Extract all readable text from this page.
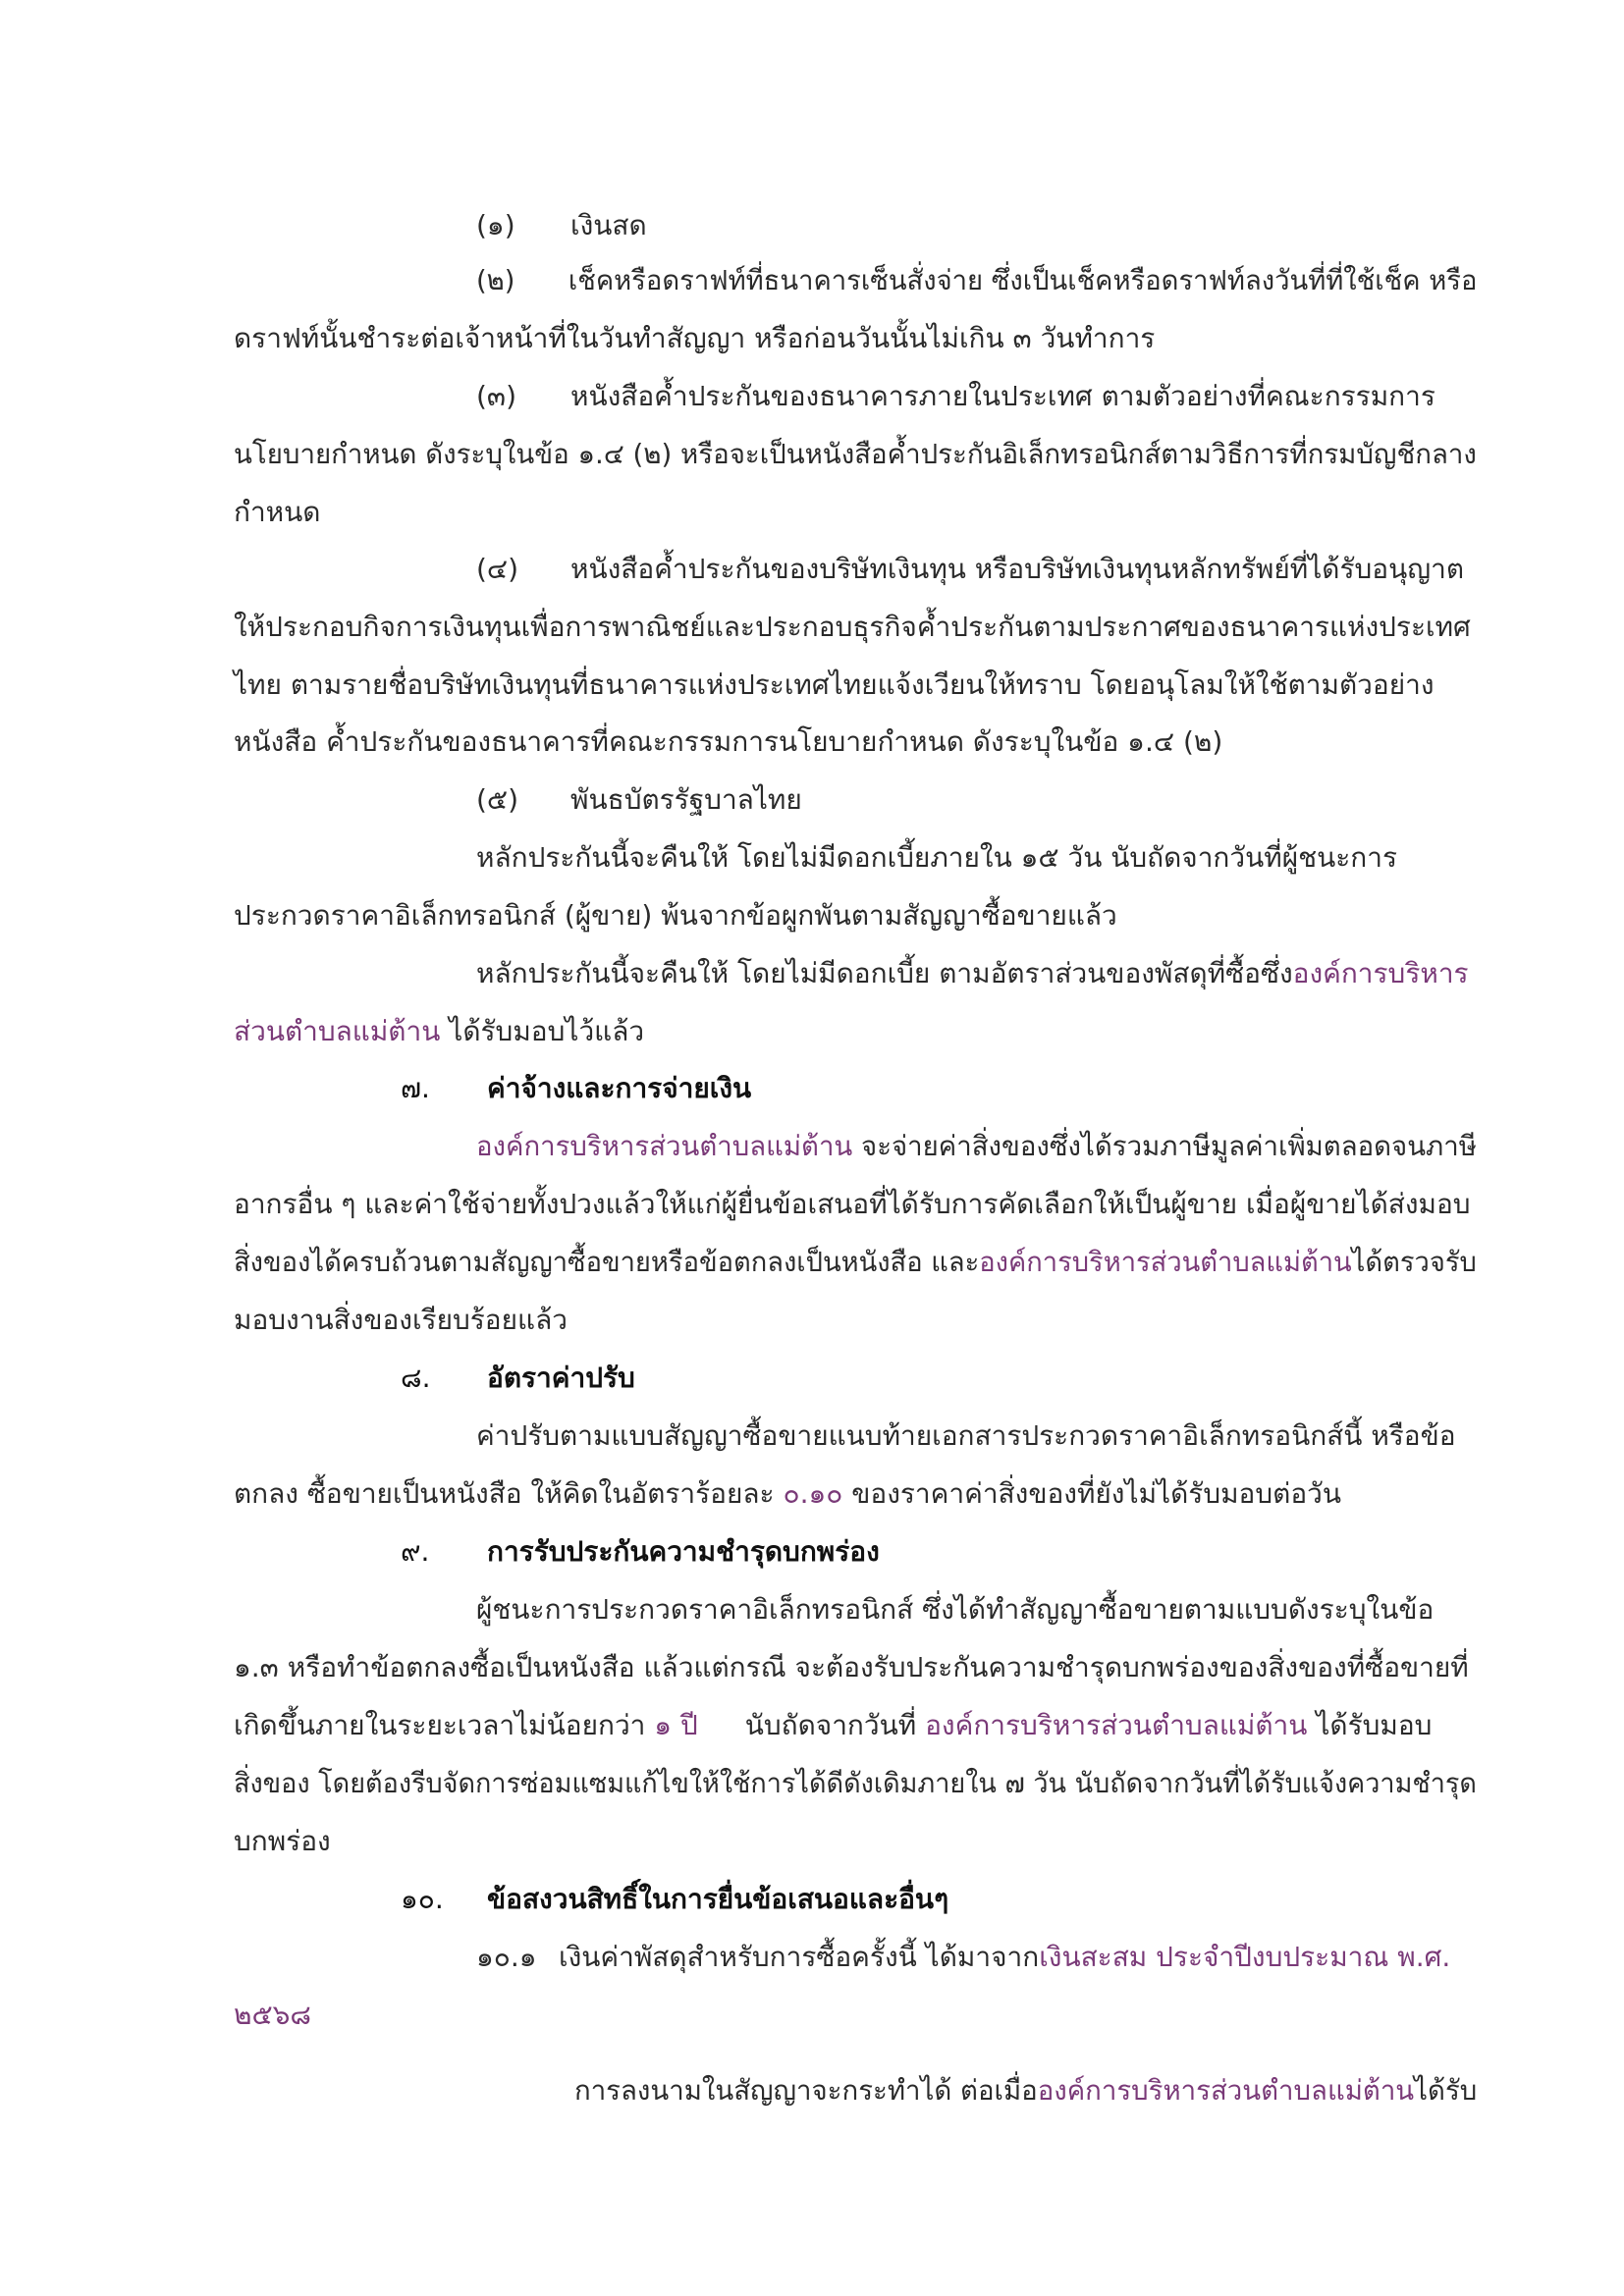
(๑) เงินสด
(๒) เช็คหรือดราฟท์ที่ธนาคารเซ็นสั่งจ่าย ซึ่งเป็นเช็คหรือดราฟท์ลงวันที่ที่ใช้เช็ค หรือ
ดราฟท์นั้นชำระต่อเจ้าหน้าที่ในวันทำสัญญา หรือก่อนวันนั้นไม่เกิน ๓ วันทำการ
(๓) หนังสือค้ำประกันของธนาคารภายในประเทศ ตามตัวอย่างที่คณะกรรมการ
นโยบายกำหนด ดังระบุในข้อ ๑.๔ (๒) หรือจะเป็นหนังสือค้ำประกันอิเล็กทรอนิกส์ตามวิธีการที่กรมบัญชีกลาง
กำหนด
(๔) หนังสือค้ำประกันของบริษัทเงินทุน หรือบริษัทเงินทุนหลักทรัพย์ที่ได้รับอนุญาต
ให้ประกอบกิจการเงินทุนเพื่อการพาณิชย์และประกอบธุรกิจค้ำประกันตามประกาศของธนาคารแห่งประเทศ
ไทย ตามรายชื่อบริษัทเงินทุนที่ธนาคารแห่งประเทศไทยแจ้งเวียนให้ทราบ โดยอนุโลมให้ใช้ตามตัวอย่าง
หนังสือ ค้ำประกันของธนาคารที่คณะกรรมการนโยบายกำหนด ดังระบุในข้อ ๑.๔ (๒)
(๕) พันธบัตรรัฐบาลไทย
หลักประกันนี้จะคืนให้ โดยไม่มีดอกเบี้ยภายใน ๑๕ วัน นับถัดจากวันที่ผู้ชนะการ
ประกวดราคาอิเล็กทรอนิกส์ (ผู้ขาย) พ้นจากข้อผูกพันตามสัญญาซื้อขายแล้ว
หลักประกันนี้จะคืนให้ โดยไม่มีดอกเบี้ย ตามอัตราส่วนของพัสดุที่ซื้อซึ่งองค์การบริหาร
ส่วนตำบลแม่ต้าน ได้รับมอบไว้แล้ว
๗. ค่าจ้างและการจ่ายเงิน
องค์การบริหารส่วนตำบลแม่ต้าน จะจ่ายค่าสิ่งของซึ่งได้รวมภาษีมูลค่าเพิ่มตลอดจนภาษี
อากรอื่น ๆ และค่าใช้จ่ายทั้งปวงแล้วให้แก่ผู้ยื่นข้อเสนอที่ได้รับการคัดเลือกให้เป็นผู้ขาย เมื่อผู้ขายได้ส่งมอบ
สิ่งของได้ครบถ้วนตามสัญญาซื้อขายหรือข้อตกลงเป็นหนังสือ และองค์การบริหารส่วนตำบลแม่ต้านได้ตรวจรับ
มอบงานสิ่งของเรียบร้อยแล้ว
๘. อัตราค่าปรับ
ค่าปรับตามแบบสัญญาซื้อขายแนบท้ายเอกสารประกวดราคาอิเล็กทรอนิกส์นี้ หรือข้อ
ตกลง ซื้อขายเป็นหนังสือ ให้คิดในอัตราร้อยละ ๐.๑๐ ของราคาค่าสิ่งของที่ยังไม่ได้รับมอบต่อวัน
๙. การรับประกันความชำรุดบกพร่อง
ผู้ชนะการประกวดราคาอิเล็กทรอนิกส์ ซึ่งได้ทำสัญญาซื้อขายตามแบบดังระบุในข้อ
๑.๓ หรือทำข้อตกลงซื้อเป็นหนังสือ แล้วแต่กรณี จะต้องรับประกันความชำรุดบกพร่องของสิ่งของที่ซื้อขายที่
เกิดขึ้นภายในระยะเวลาไม่น้อยกว่า ๑ ปี นับถัดจากวันที่ องค์การบริหารส่วนตำบลแม่ต้าน ได้รับมอบ
สิ่งของ โดยต้องรีบจัดการซ่อมแซมแก้ไขให้ใช้การได้ดีดังเดิมภายใน ๗ วัน นับถัดจากวันที่ได้รับแจ้งความชำรุด
บกพร่อง
๑๐. ข้อสงวนสิทธิ์ในการยื่นข้อเสนอและอื่นๆ
๑๐.๑ เงินค่าพัสดุสำหรับการซื้อครั้งนี้ ได้มาจากเงินสะสม ประจำปีงบประมาณ พ.ศ.
๒๕๖๘
การลงนามในสัญญาจะกระทำได้ ต่อเมื่อองค์การบริหารส่วนตำบลแม่ต้านได้รับ
